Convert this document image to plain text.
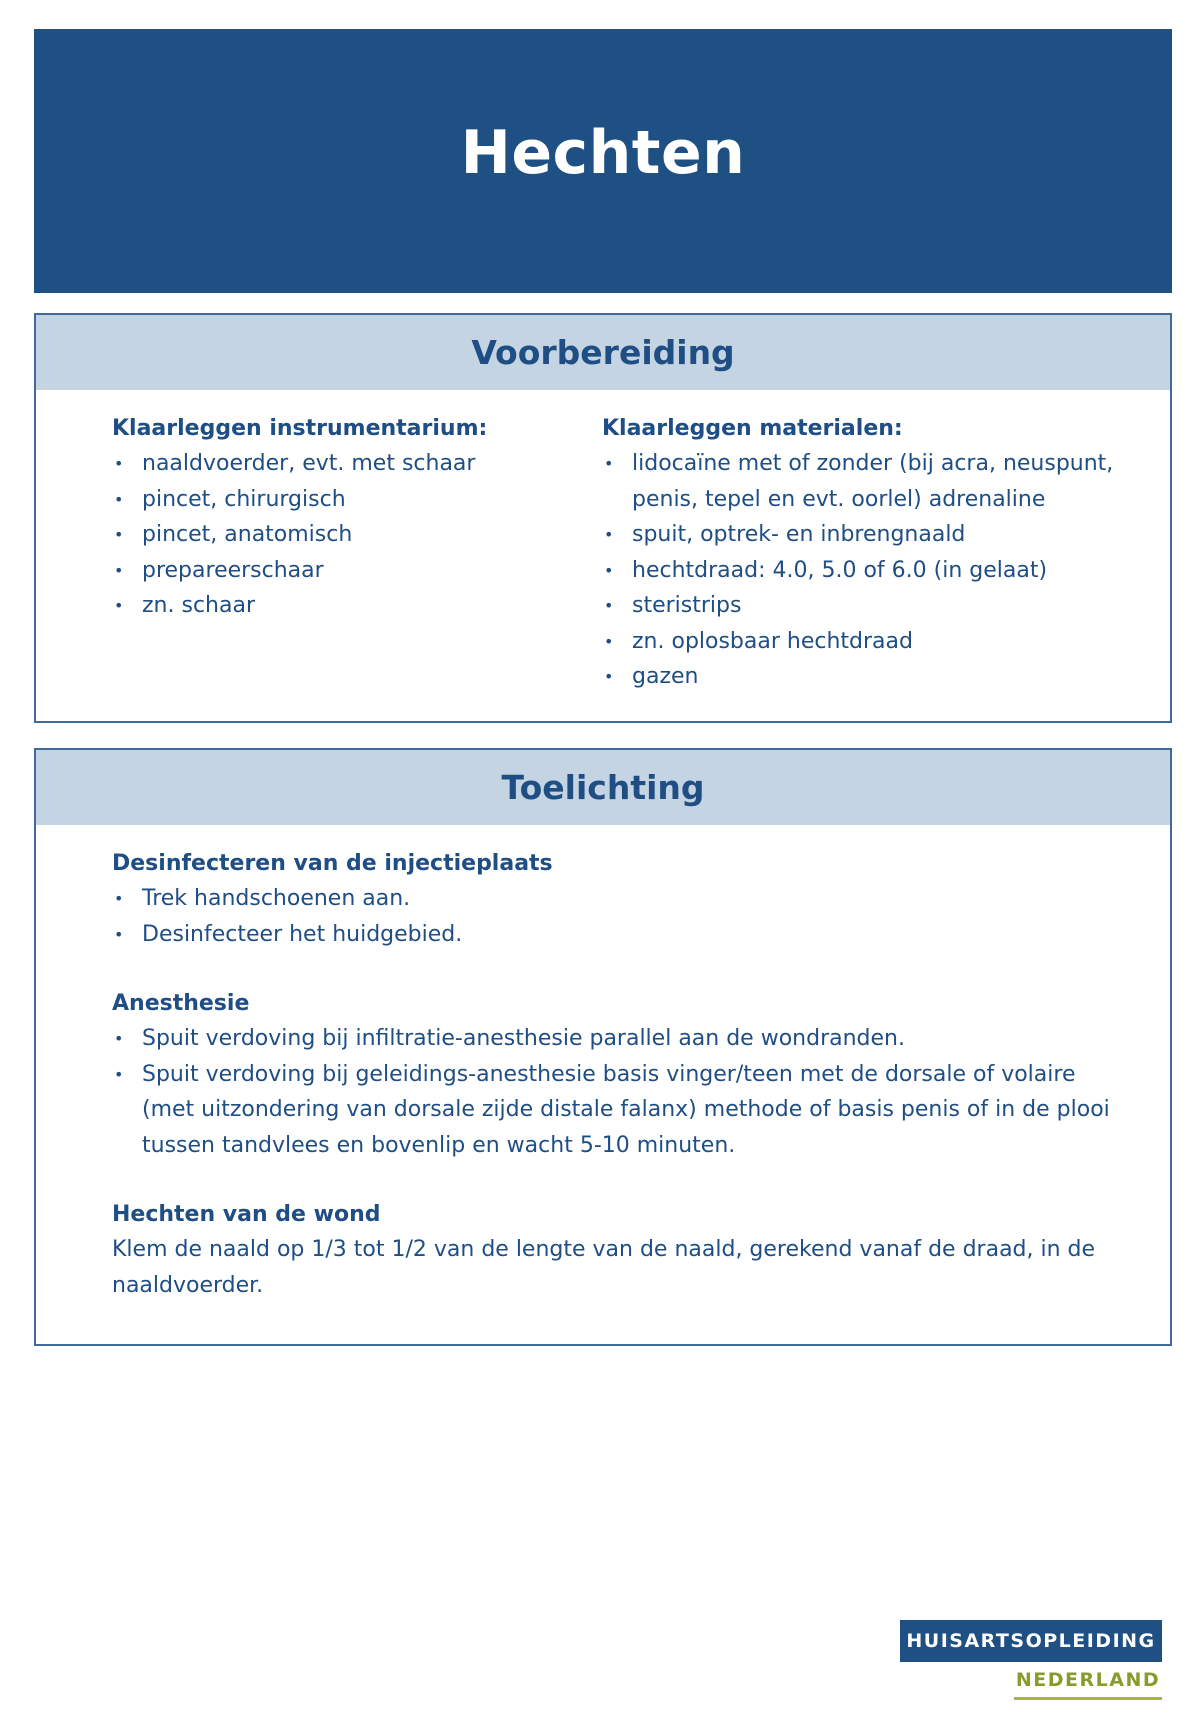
Hechten
Voorbereiding

Klaarleggen instrumentarium:

• naaldvoerder, evt. met schaar
• pincet, chirurgisch
• pincet, anatomisch
• prepareerschaar
• zn. schaar

Klaarleggen materialen:

• lidocaïne met of zonder (bij acra, neuspunt, penis, tepel en evt. oorlel) adrenaline
• spuit, optrek- en inbrengnaald
• hechtdraad: 4.0, 5.0 of 6.0 (in gelaat)
• steristrips
• zn. oplosbaar hechtdraad
• gazen
Toelichting

Desinfecteren van de injectieplaats

• Trek handschoenen aan.
• Desinfecteer het huidgebied.

Anesthesie

• Spuit verdoving bij infiltratie-anesthesie parallel aan de wondranden.
• Spuit verdoving bij geleidings-anesthesie basis vinger/teen met de dorsale of volaire (met uitzondering van dorsale zijde distale falanx) methode of basis penis of in de plooi tussen tandvlees en bovenlip en wacht 5-10 minuten.

Hechten van de wond

Klem de naald op 1/3 tot 1/2 van de lengte van de naald, gerekend vanaf de draad, in de naaldvoerder.

HUISARTSOPLEIDING
NEDERLAND
